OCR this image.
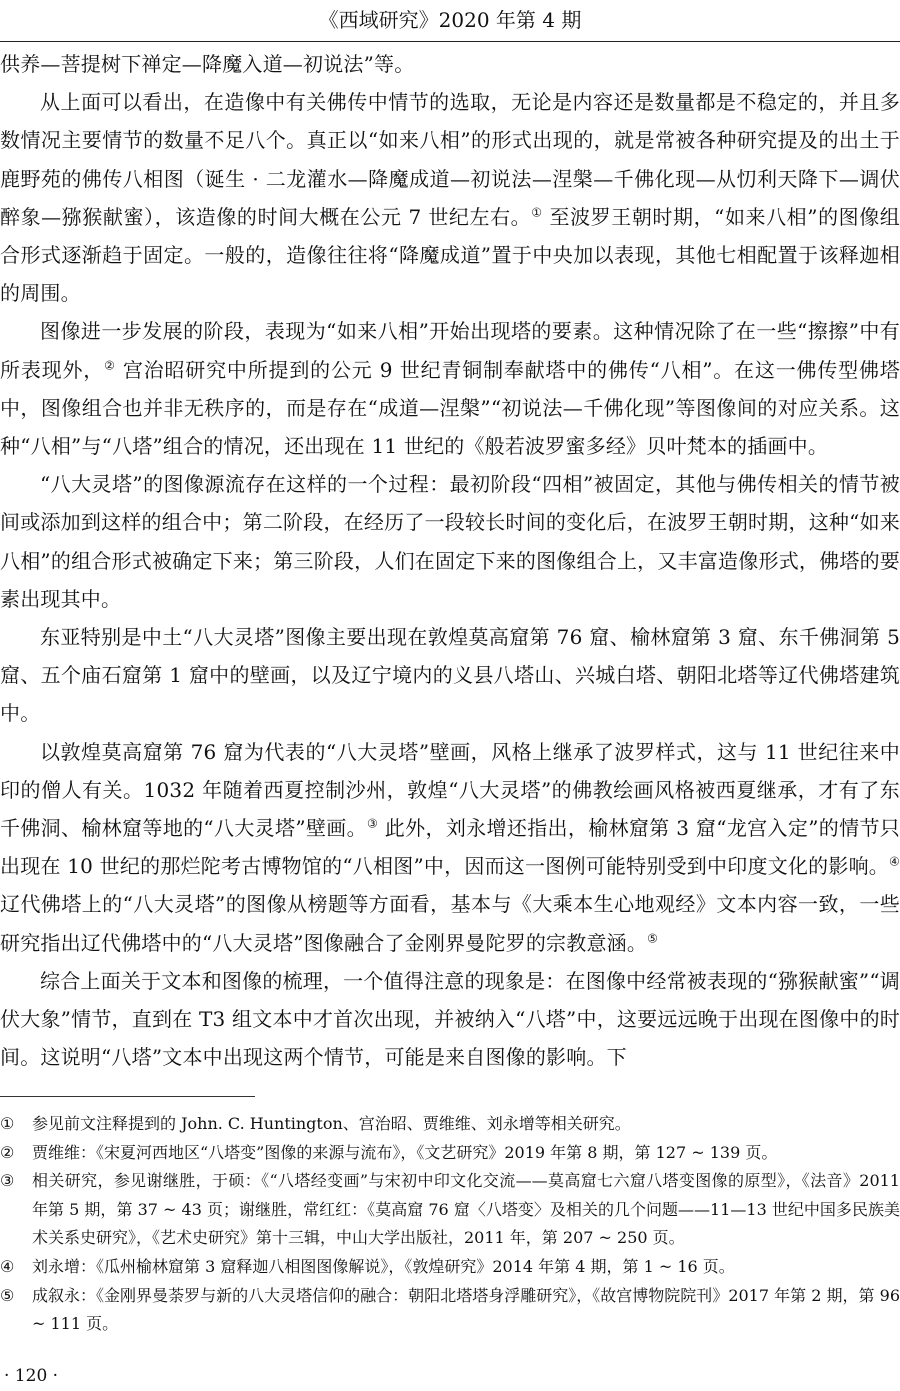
《西域研究》2020 年第 4 期

供养—菩提树下禅定—降魔入道—初说法”等。

从上面可以看出，在造像中有关佛传中情节的选取，无论是内容还是数量都是不稳定的，并且多数情况主要情节的数量不足八个。真正以“如来八相”的形式出现的，就是常被各种研究提及的出土于鹿野苑的佛传八相图（诞生 · 二龙灌水—降魔成道—初说法—涅槃—千佛化现—从忉利天降下—调伏醉象—猕猴献蜜），该造像的时间大概在公元 7 世纪左右。① 至波罗王朝时期，“如来八相”的图像组合形式逐渐趋于固定。一般的，造像往往将“降魔成道”置于中央加以表现，其他七相配置于该释迦相的周围。

图像进一步发展的阶段，表现为“如来八相”开始出现塔的要素。这种情况除了在一些“擦擦”中有所表现外，② 宫治昭研究中所提到的公元 9 世纪青铜制奉献塔中的佛传“八相”。在这一佛传型佛塔中，图像组合也并非无秩序的，而是存在“成道—涅槃”“初说法—千佛化现”等图像间的对应关系。这种“八相”与“八塔”组合的情况，还出现在 11 世纪的《般若波罗蜜多经》贝叶梵本的插画中。

“八大灵塔”的图像源流存在这样的一个过程：最初阶段“四相”被固定，其他与佛传相关的情节被间或添加到这样的组合中；第二阶段，在经历了一段较长时间的变化后，在波罗王朝时期，这种“如来八相”的组合形式被确定下来；第三阶段，人们在固定下来的图像组合上，又丰富造像形式，佛塔的要素出现其中。

东亚特别是中土“八大灵塔”图像主要出现在敦煌莫高窟第 76 窟、榆林窟第 3 窟、东千佛洞第 5 窟、五个庙石窟第 1 窟中的壁画，以及辽宁境内的义县八塔山、兴城白塔、朝阳北塔等辽代佛塔建筑中。

以敦煌莫高窟第 76 窟为代表的“八大灵塔”壁画，风格上继承了波罗样式，这与 11 世纪往来中印的僧人有关。1032 年随着西夏控制沙州，敦煌“八大灵塔”的佛教绘画风格被西夏继承，才有了东千佛洞、榆林窟等地的“八大灵塔”壁画。③ 此外，刘永增还指出，榆林窟第 3 窟“龙宫入定”的情节只出现在 10 世纪的那烂陀考古博物馆的“八相图”中，因而这一图例可能特别受到中印度文化的影响。④ 辽代佛塔上的“八大灵塔”的图像从榜题等方面看，基本与《大乘本生心地观经》文本内容一致，一些研究指出辽代佛塔中的“八大灵塔”图像融合了金刚界曼陀罗的宗教意涵。⑤

综合上面关于文本和图像的梳理，一个值得注意的现象是：在图像中经常被表现的“猕猴献蜜”“调伏大象”情节，直到在 T3 组文本中才首次出现，并被纳入“八塔”中，这要远远晚于出现在图像中的时间。这说明“八塔”文本中出现这两个情节，可能是来自图像的影响。下

①	参见前文注释提到的 John. C. Huntington、宫治昭、贾维维、刘永增等相关研究。
②	贾维维：《宋夏河西地区“八塔变”图像的来源与流布》，《文艺研究》2019 年第 8 期，第 127 ~ 139 页。
③	相关研究，参见谢继胜，于硕：《“八塔经变画”与宋初中印文化交流——莫高窟七六窟八塔变图像的原型》，《法音》2011 年第 5 期，第 37 ~ 43 页；谢继胜，常红红：《莫高窟 76 窟〈八塔变〉及相关的几个问题——11—13 世纪中国多民族美术关系史研究》，《艺术史研究》第十三辑，中山大学出版社，2011 年，第 207 ~ 250 页。
④	刘永增：《瓜州榆林窟第 3 窟释迦八相图图像解说》，《敦煌研究》2014 年第 4 期，第 1 ~ 16 页。
⑤	成叙永：《金刚界曼荼罗与新的八大灵塔信仰的融合：朝阳北塔塔身浮雕研究》，《故宫博物院院刊》2017 年第 2 期，第 96 ~ 111 页。
· 120 ·
